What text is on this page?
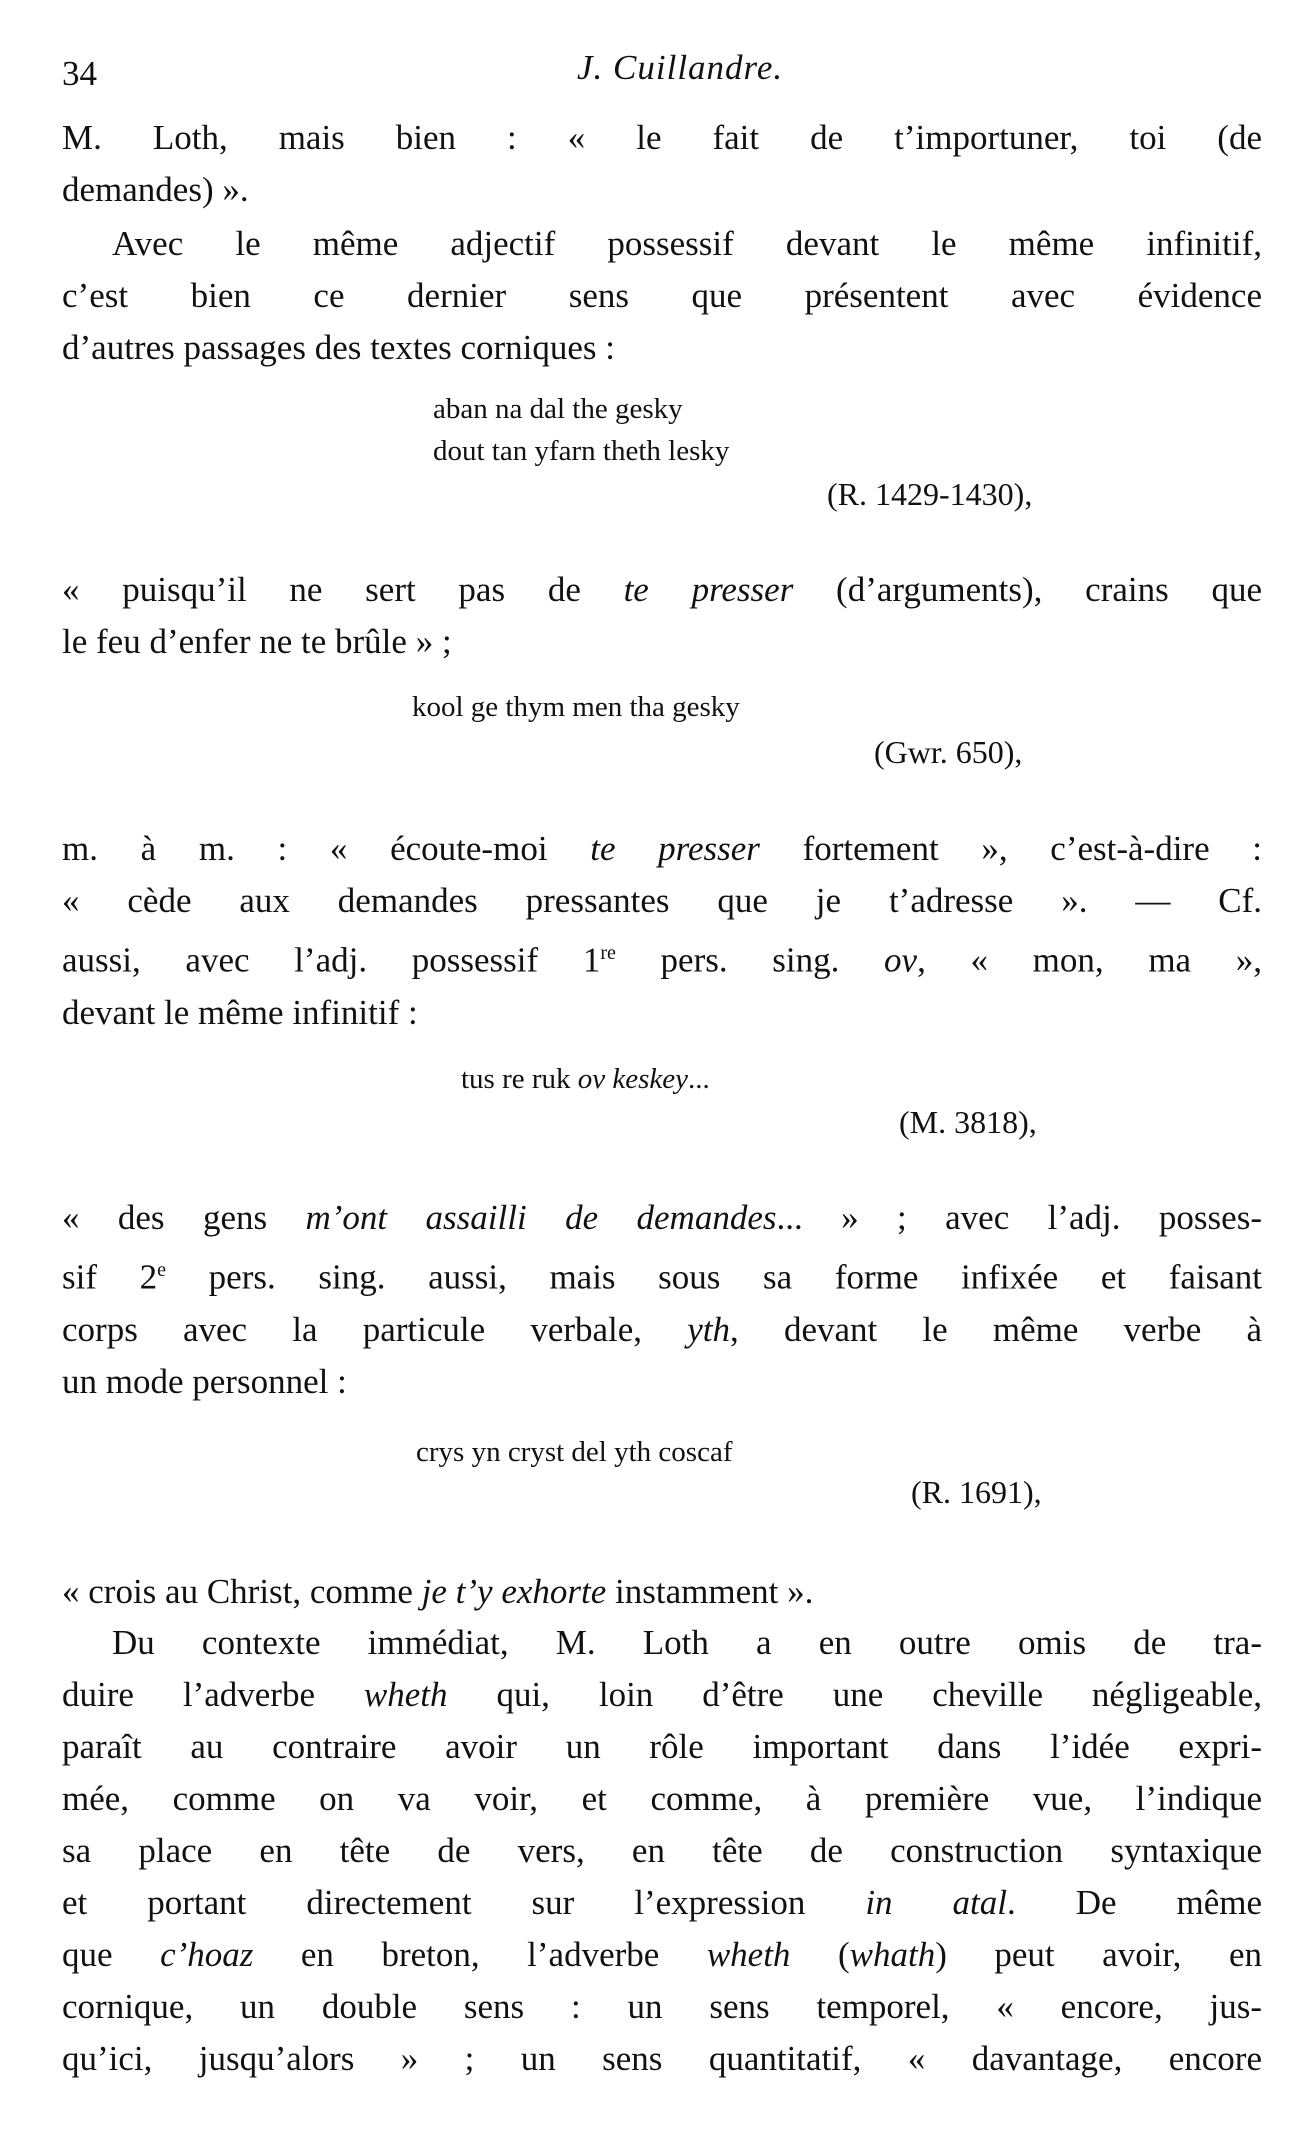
34	J. Cuillandre.
M. Loth, mais bien : « le fait de t’importuner, toi (de
demandes) ».
Avec le même adjectif possessif devant le même infinitif,
c’est bien ce dernier sens que présentent avec évidence
d’autres passages des textes corniques :
aban na dal the gesky
dout tan yfarn theth lesky
(R. 1429-1430),
« puisqu’il ne sert pas de te presser (d’arguments), crains que
le feu d’enfer ne te brûle » ;
kool ge thym men tha gesky
(Gwr. 650),
m. à m. : « écoute-moi te presser fortement », c’est-à-dire :
« cède aux demandes pressantes que je t’adresse ». — Cf.
aussi, avec l’adj. possessif 1re pers. sing. ov, « mon, ma »,
devant le même infinitif :
tus re ruk ov keskey...
(M. 3818),
« des gens m’ont assailli de demandes... » ; avec l’adj. posses-
sif 2e pers. sing. aussi, mais sous sa forme infixée et faisant
corps avec la particule verbale, yth, devant le même verbe à
un mode personnel :
crys yn cryst del yth coscaf
(R. 1691),
« crois au Christ, comme je t’y exhorte instamment ».
Du contexte immédiat, M. Loth a en outre omis de tra-
duire l’adverbe wheth qui, loin d’être une cheville négligeable,
paraît au contraire avoir un rôle important dans l’idée expri-
mée, comme on va voir, et comme, à première vue, l’indique
sa place en tête de vers, en tête de construction syntaxique
et portant directement sur l’expression in atal. De même
que c’hoaz en breton, l’adverbe wheth (whath) peut avoir, en
cornique, un double sens : un sens temporel, « encore, jus-
qu’ici, jusqu’alors » ; un sens quantitatif, « davantage, encore
